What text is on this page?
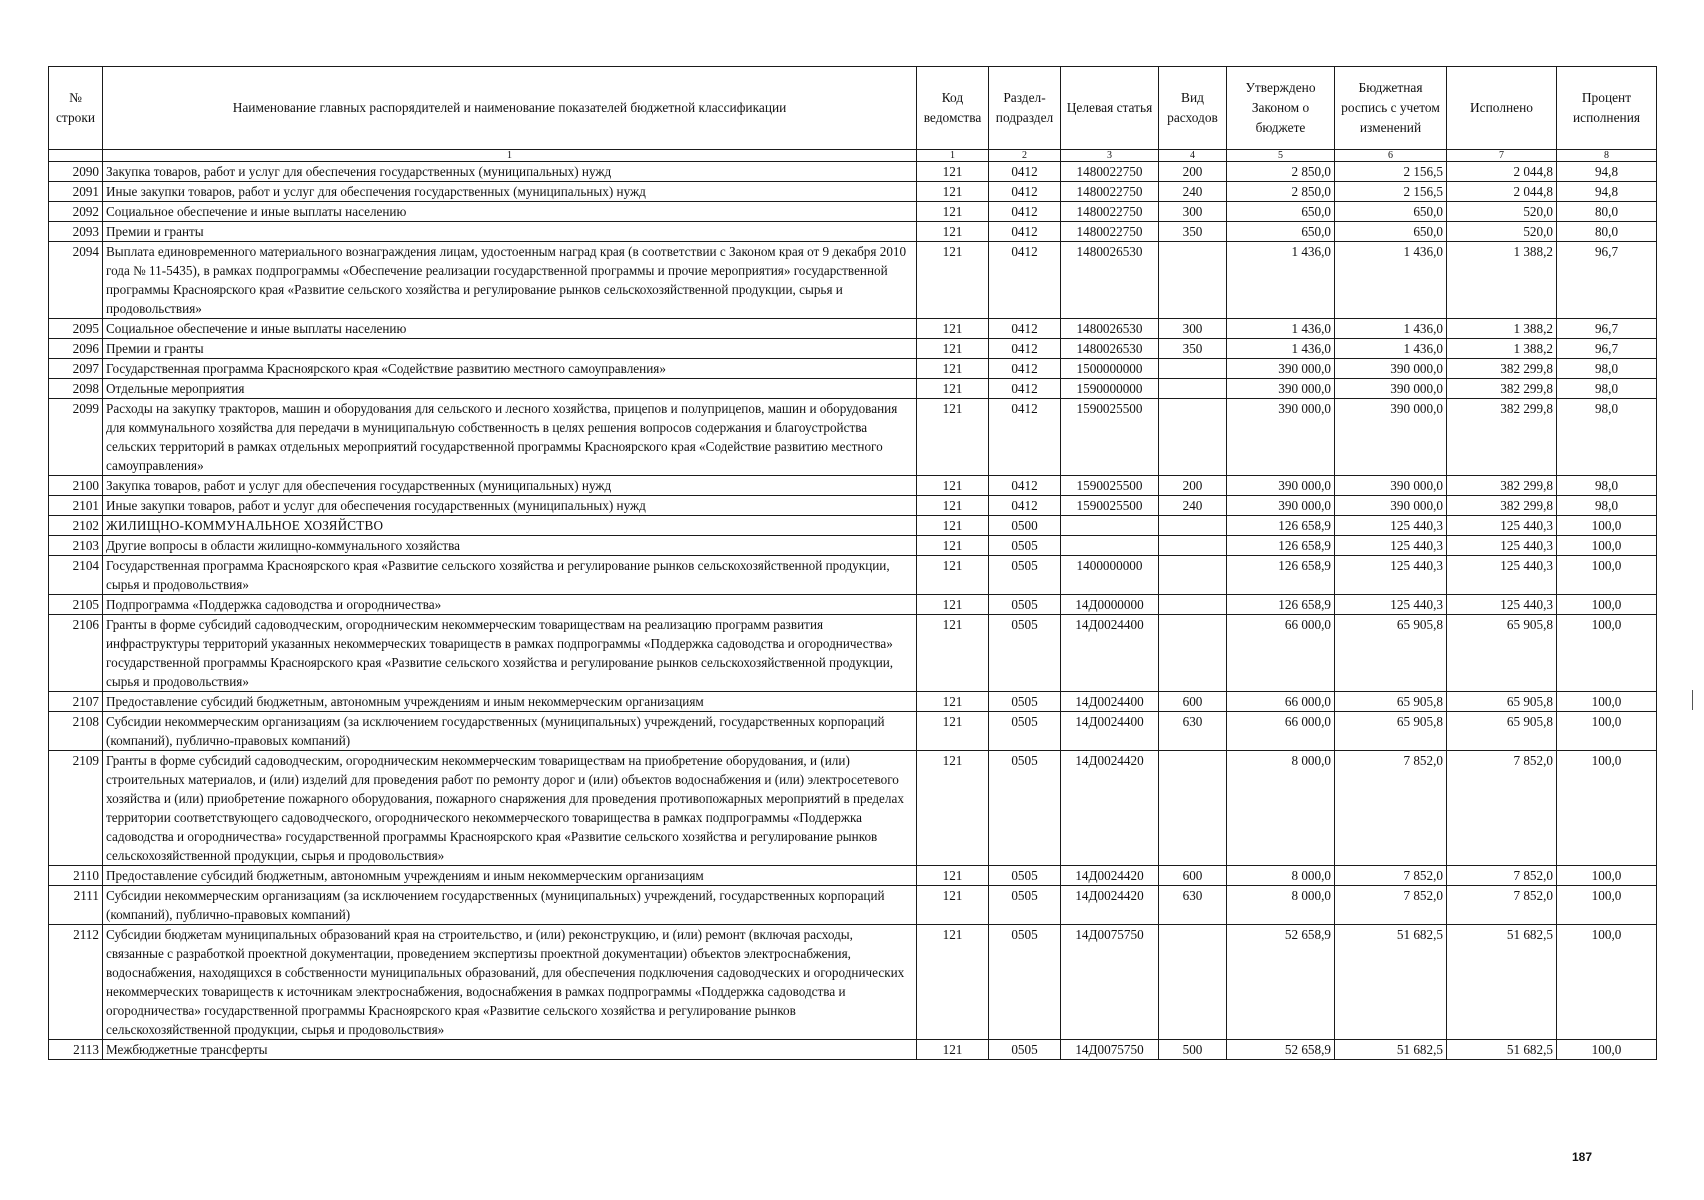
№ строки	Наименование главных распорядителей и наименование показателей бюджетной классификации	Код ведомства	Раздел-подраздел	Целевая статья	Вид расходов	Утверждено Законом о бюджете	Бюджетная роспись с учетом изменений	Исполнено	Процент исполнения
	1	1	2	3	4	5	6	7	8
2090	Закупка товаров, работ и услуг для обеспечения государственных (муниципальных) нужд	121	0412	1480022750	200	2 850,0	2 156,5	2 044,8	94,8
2091	Иные закупки товаров, работ и услуг для обеспечения государственных (муниципальных) нужд	121	0412	1480022750	240	2 850,0	2 156,5	2 044,8	94,8
2092	Социальное обеспечение и иные выплаты населению	121	0412	1480022750	300	650,0	650,0	520,0	80,0
2093	Премии и гранты	121	0412	1480022750	350	650,0	650,0	520,0	80,0
2094	Выплата единовременного материального вознаграждения лицам, удостоенным наград края (в соответствии с Законом края от 9 декабря 2010 года № 11-5435), в рамках подпрограммы «Обеспечение реализации государственной программы и прочие мероприятия» государственной программы Красноярского края «Развитие сельского хозяйства и регулирование рынков сельскохозяйственной продукции, сырья и продовольствия»	121	0412	1480026530		1 436,0	1 436,0	1 388,2	96,7
2095	Социальное обеспечение и иные выплаты населению	121	0412	1480026530	300	1 436,0	1 436,0	1 388,2	96,7
2096	Премии и гранты	121	0412	1480026530	350	1 436,0	1 436,0	1 388,2	96,7
2097	Государственная программа Красноярского края «Содействие развитию местного самоуправления»	121	0412	1500000000		390 000,0	390 000,0	382 299,8	98,0
2098	Отдельные мероприятия	121	0412	1590000000		390 000,0	390 000,0	382 299,8	98,0
2099	Расходы на закупку тракторов, машин и оборудования для сельского и лесного хозяйства, прицепов и полуприцепов, машин и оборудования для коммунального хозяйства для передачи в муниципальную собственность в целях решения вопросов содержания и благоустройства сельских территорий в рамках отдельных мероприятий государственной программы Красноярского края «Содействие развитию местного самоуправления»	121	0412	1590025500		390 000,0	390 000,0	382 299,8	98,0
2100	Закупка товаров, работ и услуг для обеспечения государственных (муниципальных) нужд	121	0412	1590025500	200	390 000,0	390 000,0	382 299,8	98,0
2101	Иные закупки товаров, работ и услуг для обеспечения государственных (муниципальных) нужд	121	0412	1590025500	240	390 000,0	390 000,0	382 299,8	98,0
2102	ЖИЛИЩНО-КОММУНАЛЬНОЕ ХОЗЯЙСТВО	121	0500			126 658,9	125 440,3	125 440,3	100,0
2103	Другие вопросы в области жилищно-коммунального хозяйства	121	0505			126 658,9	125 440,3	125 440,3	100,0
2104	Государственная программа Красноярского края «Развитие сельского хозяйства и регулирование рынков сельскохозяйственной продукции, сырья и продовольствия»	121	0505	1400000000		126 658,9	125 440,3	125 440,3	100,0
2105	Подпрограмма «Поддержка садоводства и огородничества»	121	0505	14Д0000000		126 658,9	125 440,3	125 440,3	100,0
2106	Гранты в форме субсидий садоводческим, огородническим некоммерческим товариществам на реализацию программ развития инфраструктуры территорий указанных некоммерческих товариществ в рамках подпрограммы «Поддержка садоводства и огородничества» государственной программы Красноярского края «Развитие сельского хозяйства и регулирование рынков сельскохозяйственной продукции, сырья и продовольствия»	121	0505	14Д0024400		66 000,0	65 905,8	65 905,8	100,0
2107	Предоставление субсидий бюджетным, автономным учреждениям и иным некоммерческим организациям	121	0505	14Д0024400	600	66 000,0	65 905,8	65 905,8	100,0
2108	Субсидии некоммерческим организациям (за исключением государственных (муниципальных) учреждений, государственных корпораций (компаний), публично-правовых компаний)	121	0505	14Д0024400	630	66 000,0	65 905,8	65 905,8	100,0
2109	Гранты в форме субсидий садоводческим, огородническим некоммерческим товариществам на приобретение оборудования, и (или) строительных материалов, и (или) изделий для проведения работ по ремонту дорог и (или) объектов водоснабжения и (или) электросетевого хозяйства и (или) приобретение пожарного оборудования, пожарного снаряжения для проведения противопожарных мероприятий в пределах территории соответствующего садоводческого, огороднического некоммерческого товарищества в рамках подпрограммы «Поддержка садоводства и огородничества» государственной программы Красноярского края «Развитие сельского хозяйства и регулирование рынков сельскохозяйственной продукции, сырья и продовольствия»	121	0505	14Д0024420		8 000,0	7 852,0	7 852,0	100,0
2110	Предоставление субсидий бюджетным, автономным учреждениям и иным некоммерческим организациям	121	0505	14Д0024420	600	8 000,0	7 852,0	7 852,0	100,0
2111	Субсидии некоммерческим организациям (за исключением государственных (муниципальных) учреждений, государственных корпораций (компаний), публично-правовых компаний)	121	0505	14Д0024420	630	8 000,0	7 852,0	7 852,0	100,0
2112	Субсидии бюджетам муниципальных образований края на строительство, и (или) реконструкцию, и (или) ремонт (включая расходы, связанные с разработкой проектной документации, проведением экспертизы проектной документации) объектов электроснабжения, водоснабжения, находящихся в собственности муниципальных образований, для обеспечения подключения садоводческих и огороднических некоммерческих товариществ к источникам электроснабжения, водоснабжения в рамках подпрограммы «Поддержка садоводства и огородничества» государственной программы Красноярского края «Развитие сельского хозяйства и регулирование рынков сельскохозяйственной продукции, сырья и продовольствия»	121	0505	14Д0075750		52 658,9	51 682,5	51 682,5	100,0
2113	Межбюджетные трансферты	121	0505	14Д0075750	500	52 658,9	51 682,5	51 682,5	100,0
187
